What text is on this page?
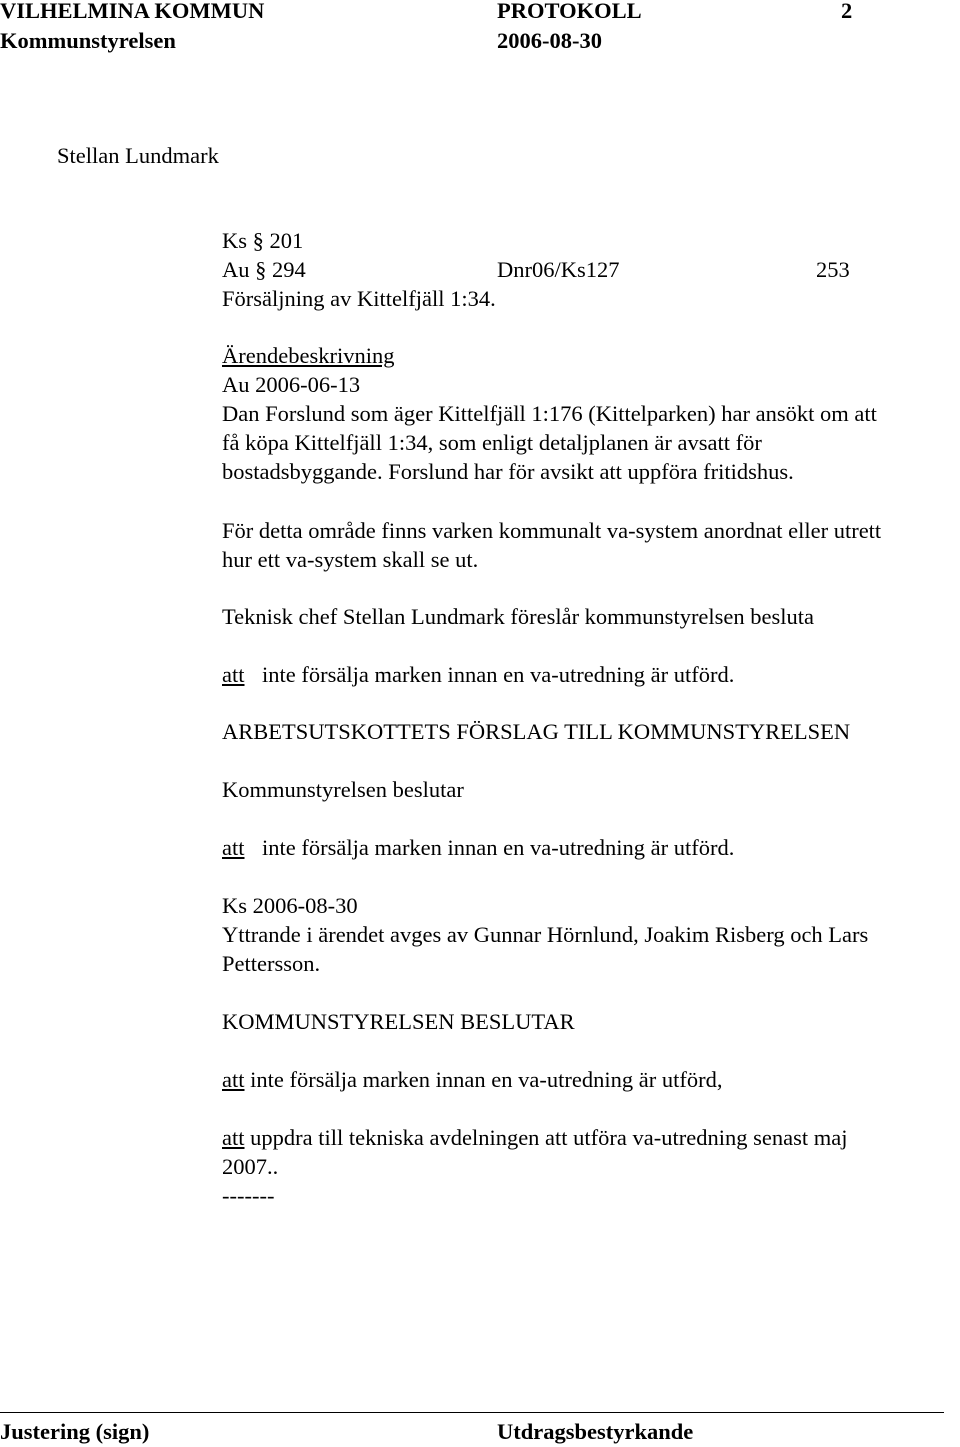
VILHELMINA KOMMUN	PROTOKOLL	2
Kommunstyrelsen	2006-08-30
Stellan Lundmark
Ks § 201
Au § 294	Dnr06/Ks127	253
Försäljning av Kittelfjäll 1:34.
Ärendebeskrivning
Au 2006-06-13
Dan Forslund som äger Kittelfjäll 1:176 (Kittelparken) har ansökt om att
få köpa Kittelfjäll 1:34, som enligt detaljplanen är avsatt för
bostadsbyggande. Forslund har för avsikt att uppföra fritidshus.
För detta område finns varken kommunalt va-system anordnat eller utrett
hur ett va-system skall se ut.
Teknisk chef Stellan Lundmark föreslår kommunstyrelsen besluta
att inte försälja marken innan en va-utredning är utförd.
ARBETSUTSKOTTETS FÖRSLAG TILL KOMMUNSTYRELSEN
Kommunstyrelsen beslutar
att inte försälja marken innan en va-utredning är utförd.
Ks 2006-08-30
Yttrande i ärendet avges av Gunnar Hörnlund, Joakim Risberg och Lars
Pettersson.
KOMMUNSTYRELSEN BESLUTAR
att inte försälja marken innan en va-utredning är utförd,
att uppdra till tekniska avdelningen att utföra va-utredning senast maj
2007..
-------
Justering (sign)	Utdragsbestyrkande
